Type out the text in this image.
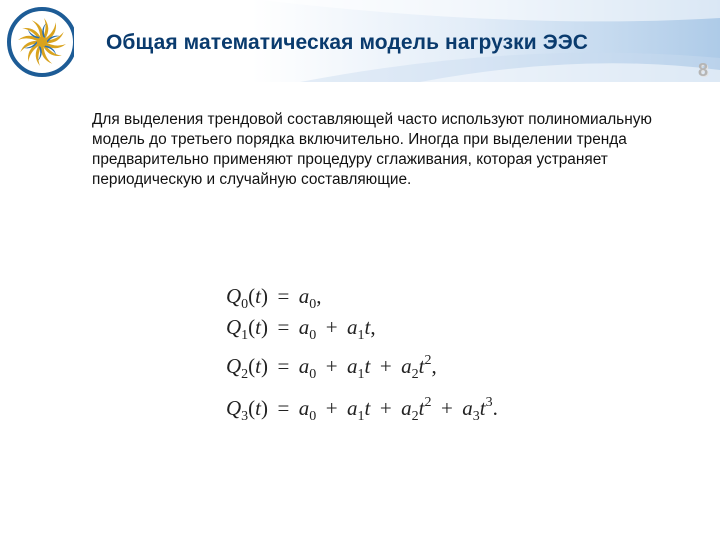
Общая математическая модель нагрузки ЭЭС
8
Для выделения трендовой составляющей часто используют полиномиальную модель до третьего порядка включительно. Иногда при выделении тренда предварительно применяют процедуру сглаживания, которая устраняет периодическую и случайную составляющие.
$Q_0(t) = a_0$,
$Q_1(t) = a_0 + a_1t$,
$Q_2(t) = a_0 + a_1t + a_2t^2$,
$Q_3(t) = a_0 + a_1t + a_2t^2 + a_3t^3$.
